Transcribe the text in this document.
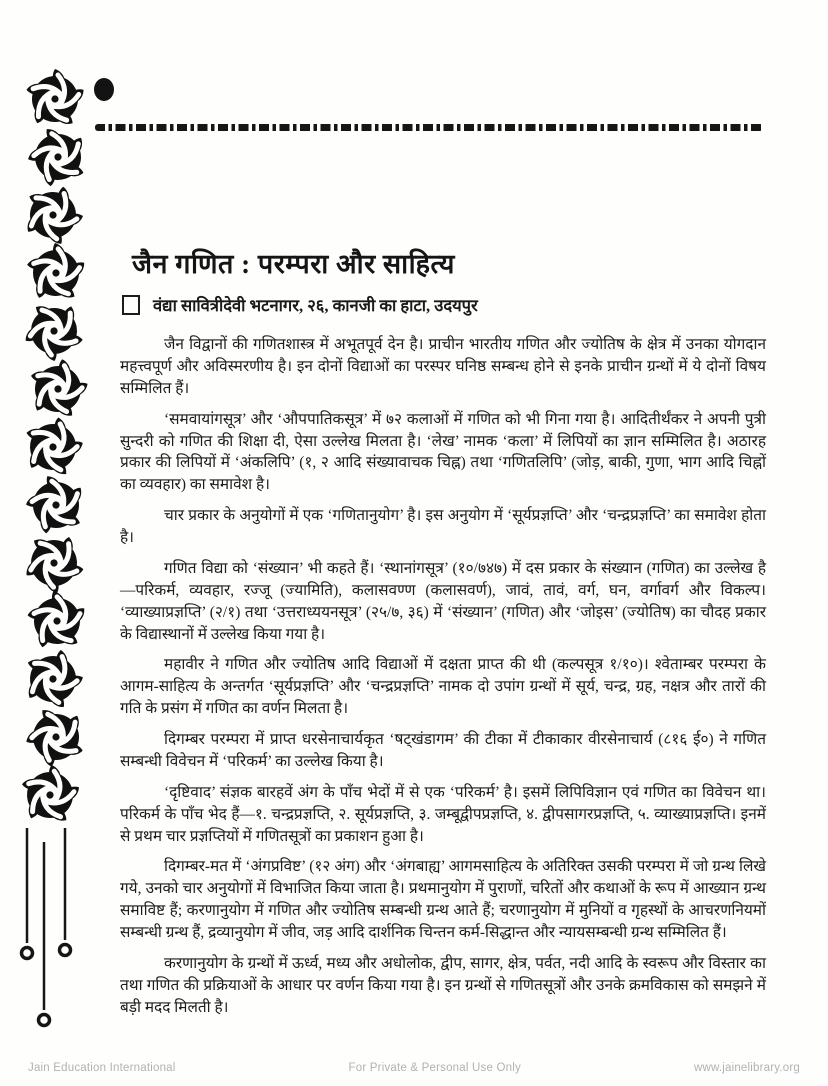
जैन गणित : परम्परा और साहित्य
वंद्या सावित्रीदेवी भटनागर, २६, कानजी का हाटा, उदयपुर

जैन विद्वानों की गणितशास्त्र में अभूतपूर्व देन है। प्राचीन भारतीय गणित और ज्योतिष के क्षेत्र में उनका योगदान महत्त्वपूर्ण और अविस्मरणीय है। इन दोनों विद्याओं का परस्पर घनिष्ठ सम्बन्ध होने से इनके प्राचीन ग्रन्थों में ये दोनों विषय सम्मिलित हैं।

‘समवायांगसूत्र’ और ‘औपपातिकसूत्र’ में ७२ कलाओं में गणित को भी गिना गया है। आदितीर्थंकर ने अपनी पुत्री सुन्दरी को गणित की शिक्षा दी, ऐसा उल्लेख मिलता है। ‘लेख’ नामक ‘कला’ में लिपियों का ज्ञान सम्मिलित है। अठारह प्रकार की लिपियों में ‘अंकलिपि’ (१, २ आदि संख्यावाचक चिह्न) तथा ‘गणितलिपि’ (जोड़, बाकी, गुणा, भाग आदि चिह्नों का व्यवहार) का समावेश है।

चार प्रकार के अनुयोगों में एक ‘गणितानुयोग’ है। इस अनुयोग में ‘सूर्यप्रज्ञप्ति’ और ‘चन्द्रप्रज्ञप्ति’ का समावेश होता है।

गणित विद्या को ‘संख्यान’ भी कहते हैं। ‘स्थानांगसूत्र’ (१०/७४७) में दस प्रकार के संख्यान (गणित) का उल्लेख है—परिकर्म, व्यवहार, रज्जू (ज्यामिति), कलासवण्ण (कलासवर्ण), जावं, तावं, वर्ग, घन, वर्गावर्ग और विकल्प। ‘व्याख्याप्रज्ञप्ति’ (२/१) तथा ‘उत्तराध्ययनसूत्र’ (२५/७, ३६) में ‘संख्यान’ (गणित) और ‘जोइस’ (ज्योतिष) का चौदह प्रकार के विद्यास्थानों में उल्लेख किया गया है।

महावीर ने गणित और ज्योतिष आदि विद्याओं में दक्षता प्राप्त की थी (कल्पसूत्र १/१०)। श्वेताम्बर परम्परा के आगम-साहित्य के अन्तर्गत ‘सूर्यप्रज्ञप्ति’ और ‘चन्द्रप्रज्ञप्ति’ नामक दो उपांग ग्रन्थों में सूर्य, चन्द्र, ग्रह, नक्षत्र और तारों की गति के प्रसंग में गणित का वर्णन मिलता है।

दिगम्बर परम्परा में प्राप्त धरसेनाचार्यकृत ‘षट्खंडागम’ की टीका में टीकाकार वीरसेनाचार्य (८१६ ई०) ने गणित सम्बन्धी विवेचन में ‘परिकर्म’ का उल्लेख किया है।

‘दृष्टिवाद’ संज्ञक बारहवें अंग के पाँच भेदों में से एक ‘परिकर्म’ है। इसमें लिपिविज्ञान एवं गणित का विवेचन था। परिकर्म के पाँच भेद हैं—१. चन्द्रप्रज्ञप्ति, २. सूर्यप्रज्ञप्ति, ३. जम्बूद्वीपप्रज्ञप्ति, ४. द्वीपसागरप्रज्ञप्ति, ५. व्याख्याप्रज्ञप्ति। इनमें से प्रथम चार प्रज्ञप्तियों में गणितसूत्रों का प्रकाशन हुआ है।

दिगम्बर-मत में ‘अंगप्रविष्ट’ (१२ अंग) और ‘अंगबाह्य’ आगमसाहित्य के अतिरिक्त उसकी परम्परा में जो ग्रन्थ लिखे गये, उनको चार अनुयोगों में विभाजित किया जाता है। प्रथमानुयोग में पुराणों, चरितों और कथाओं के रूप में आख्यान ग्रन्थ समाविष्ट हैं; करणानुयोग में गणित और ज्योतिष सम्बन्धी ग्रन्थ आते हैं; चरणानुयोग में मुनियों व गृहस्थों के आचरणनियमों सम्बन्धी ग्रन्थ हैं, द्रव्यानुयोग में जीव, जड़ आदि दार्शनिक चिन्तन कर्म-सिद्धान्त और न्यायसम्बन्धी ग्रन्थ सम्मिलित हैं।

करणानुयोग के ग्रन्थों में ऊर्ध्व, मध्य और अधोलोक, द्वीप, सागर, क्षेत्र, पर्वत, नदी आदि के स्वरूप और विस्तार का तथा गणित की प्रक्रियाओं के आधार पर वर्णन किया गया है। इन ग्रन्थों से गणितसूत्रों और उनके क्रमविकास को समझने में बड़ी मदद मिलती है।

Jain Education International	For Private & Personal Use Only	www.jainelibrary.org
